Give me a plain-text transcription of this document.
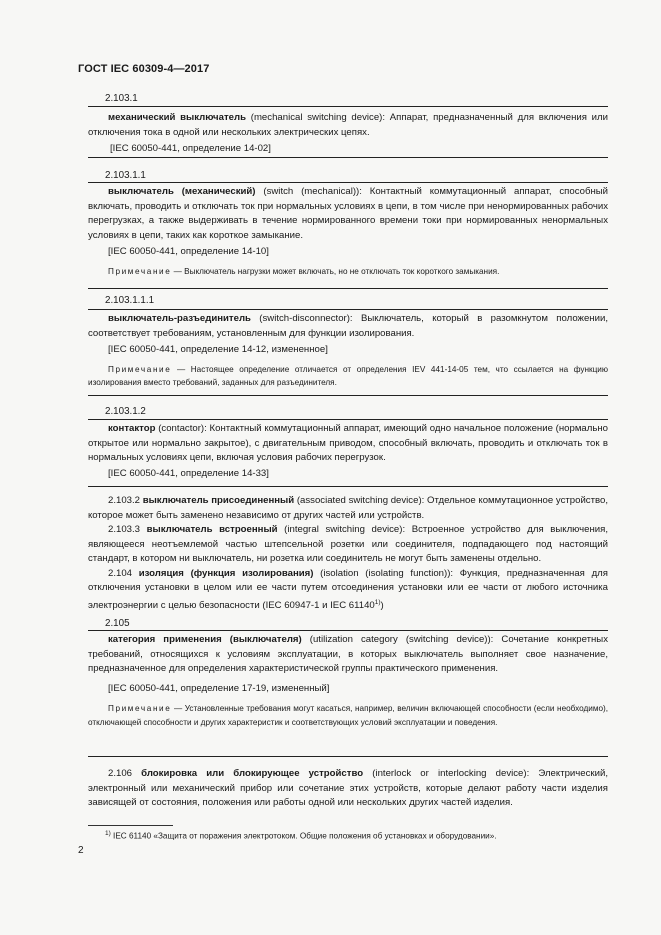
ГОСТ IEC 60309-4—2017
2.103.1

механический выключатель (mechanical switching device): Аппарат, предназначенный для включения или отключения тока в одной или нескольких электрических цепях.

[IEC 60050-441, определение 14-02]

2.103.1.1

выключатель (механический) (switch (mechanical)): Контактный коммутационный аппарат, способный включать, проводить и отключать ток при нормальных условиях в цепи, в том числе при ненормированных рабочих перегрузках, а также выдерживать в течение нормированного времени токи при нормированных ненормальных условиях в цепи, таких как короткое замыкание.

[IEC 60050-441, определение 14-10]

Примечание — Выключатель нагрузки может включать, но не отключать ток короткого замыкания.

2.103.1.1.1

выключатель-разъединитель (switch-disconnector): Выключатель, который в разомкнутом положении, соответствует требованиям, установленным для функции изолирования.

[IEC 60050-441, определение 14-12, измененное]

Примечание — Настоящее определение отличается от определения IEV 441-14-05 тем, что ссылается на функцию изолирования вместо требований, заданных для разъединителя.

2.103.1.2

контактор (contactor): Контактный коммутационный аппарат, имеющий одно начальное положение (нормально открытое или нормально закрытое), с двигательным приводом, способный включать, проводить и отключать ток в нормальных условиях цепи, включая условия рабочих перегрузок.

[IEC 60050-441, определение 14-33]

2.103.2 выключатель присоединенный (associated switching device): Отдельное коммутационное устройство, которое может быть заменено независимо от других частей или устройств.

2.103.3 выключатель встроенный (integral switching device): Встроенное устройство для выключения, являющееся неотъемлемой частью штепсельной розетки или соединителя, подпадающего под настоящий стандарт, в котором ни выключатель, ни розетка или соединитель не могут быть заменены отдельно.

2.104 изоляция (функция изолирования) (isolation (isolating function)): Функция, предназначенная для отключения установки в целом или ее части путем отсоединения установки или ее части от любого источника электроэнергии с целью безопасности (IEC 60947-1 и IEC 61140$^{1)}$)

2.105

категория применения (выключателя) (utilization category (switching device)): Сочетание конкретных требований, относящихся к условиям эксплуатации, в которых выключатель выполняет свое назначение, предназначенное для определения характеристической группы практического применения.

[IEC 60050-441, определение 17-19, измененный]

Примечание — Установленные требования могут касаться, например, величин включающей способности (если необходимо), отключающей способности и других характеристик и соответствующих условий эксплуатации и поведения.

2.106 блокировка или блокирующее устройство (interlock or interlocking device): Электрический, электронный или механический прибор или сочетание этих устройств, которые делают работу части изделия зависящей от состояния, положения или работы одной или нескольких других частей изделия.

$^{1)}$ IEC 61140 «Защита от поражения электротоком. Общие положения об установках и оборудовании».
2
